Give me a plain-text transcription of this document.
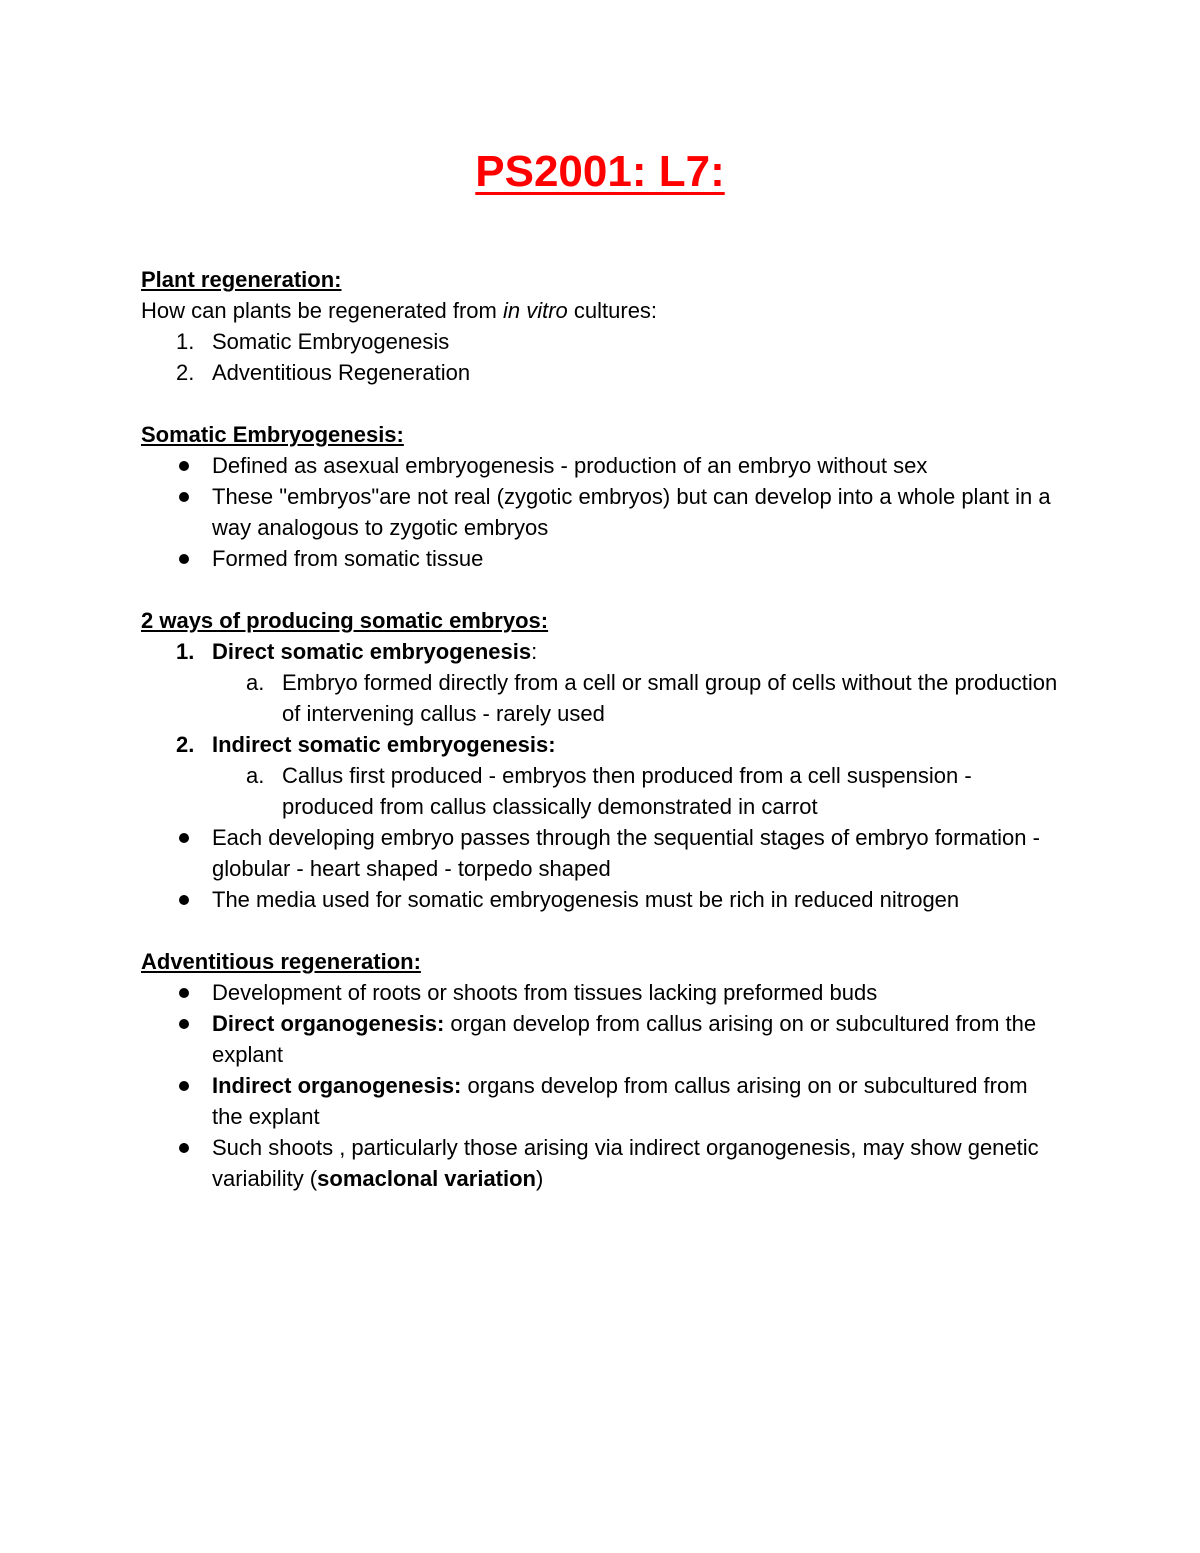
PS2001: L7:

Plant regeneration:

How can plants be regenerated from in vitro cultures:

1. Somatic Embryogenesis
2. Adventitious Regeneration

Somatic Embryogenesis:

Defined as asexual embryogenesis - production of an embryo without sex
These "embryos"are not real (zygotic embryos) but can develop into a whole plant in a way analogous to zygotic embryos
Formed from somatic tissue

2 ways of producing somatic embryos:

1. Direct somatic embryogenesis:
a. Embryo formed directly from a cell or small group of cells without the production of intervening callus - rarely used
2. Indirect somatic embryogenesis:
a. Callus first produced - embryos then produced from a cell suspension - produced from callus classically demonstrated in carrot
Each developing embryo passes through the sequential stages of embryo formation - globular - heart shaped - torpedo shaped
The media used for somatic embryogenesis must be rich in reduced nitrogen

Adventitious regeneration:

Development of roots or shoots from tissues lacking preformed buds
Direct organogenesis: organ develop from callus arising on or subcultured from the explant
Indirect organogenesis: organs develop from callus arising on or subcultured from the explant
Such shoots , particularly those arising via indirect organogenesis, may show genetic variability (somaclonal variation)
